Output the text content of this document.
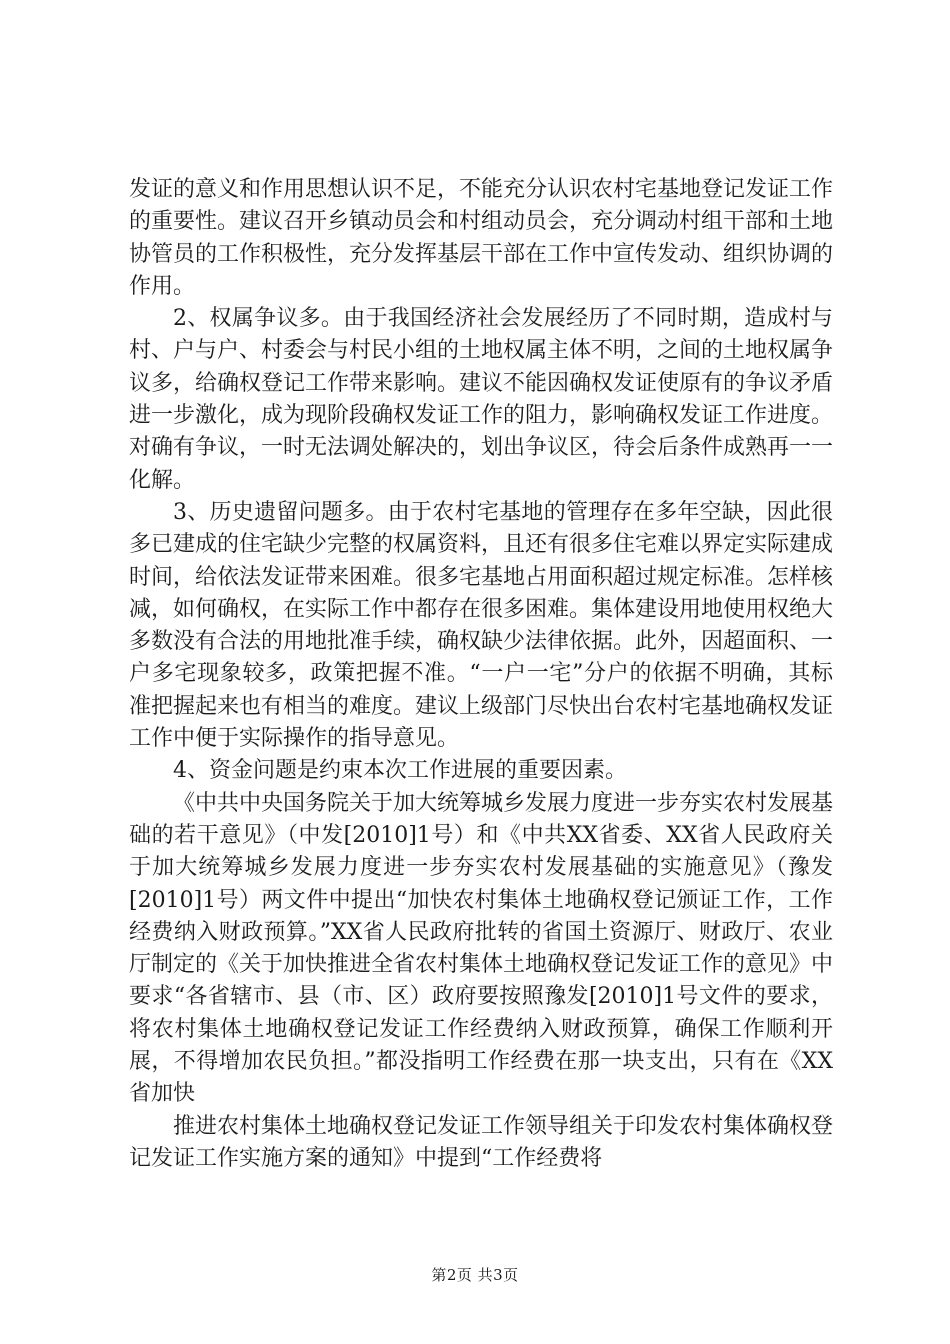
发证的意义和作用思想认识不足，不能充分认识农村宅基地登记发证工作的重要性。建议召开乡镇动员会和村组动员会，充分调动村组干部和土地协管员的工作积极性，充分发挥基层干部在工作中宣传发动、组织协调的作用。

2、权属争议多。由于我国经济社会发展经历了不同时期，造成村与村、户与户、村委会与村民小组的土地权属主体不明，之间的土地权属争议多，给确权登记工作带来影响。建议不能因确权发证使原有的争议矛盾进一步激化，成为现阶段确权发证工作的阻力，影响确权发证工作进度。对确有争议，一时无法调处解决的，划出争议区，待会后条件成熟再一一化解。

3、历史遗留问题多。由于农村宅基地的管理存在多年空缺，因此很多已建成的住宅缺少完整的权属资料，且还有很多住宅难以界定实际建成时间，给依法发证带来困难。很多宅基地占用面积超过规定标准。怎样核减，如何确权，在实际工作中都存在很多困难。集体建设用地使用权绝大多数没有合法的用地批准手续，确权缺少法律依据。此外，因超面积、一户多宅现象较多，政策把握不准。“一户一宅”分户的依据不明确，其标准把握起来也有相当的难度。建议上级部门尽快出台农村宅基地确权发证工作中便于实际操作的指导意见。

4、资金问题是约束本次工作进展的重要因素。

《中共中央国务院关于加大统筹城乡发展力度进一步夯实农村发展基础的若干意见》（中发[2010]1号）和《中共XX省委、XX省人民政府关于加大统筹城乡发展力度进一步夯实农村发展基础的实施意见》（豫发[2010]1号）两文件中提出“加快农村集体土地确权登记颁证工作，工作经费纳入财政预算。”XX省人民政府批转的省国土资源厅、财政厅、农业厅制定的《关于加快推进全省农村集体土地确权登记发证工作的意见》中要求“各省辖市、县（市、区）政府要按照豫发[2010]1号文件的要求，将农村集体土地确权登记发证工作经费纳入财政预算，确保工作顺利开展，不得增加农民负担。”都没指明工作经费在那一块支出，只有在《XX省加快

推进农村集体土地确权登记发证工作领导组关于印发农村集体确权登记发证工作实施方案的通知》中提到“工作经费将

第2页 共3页
